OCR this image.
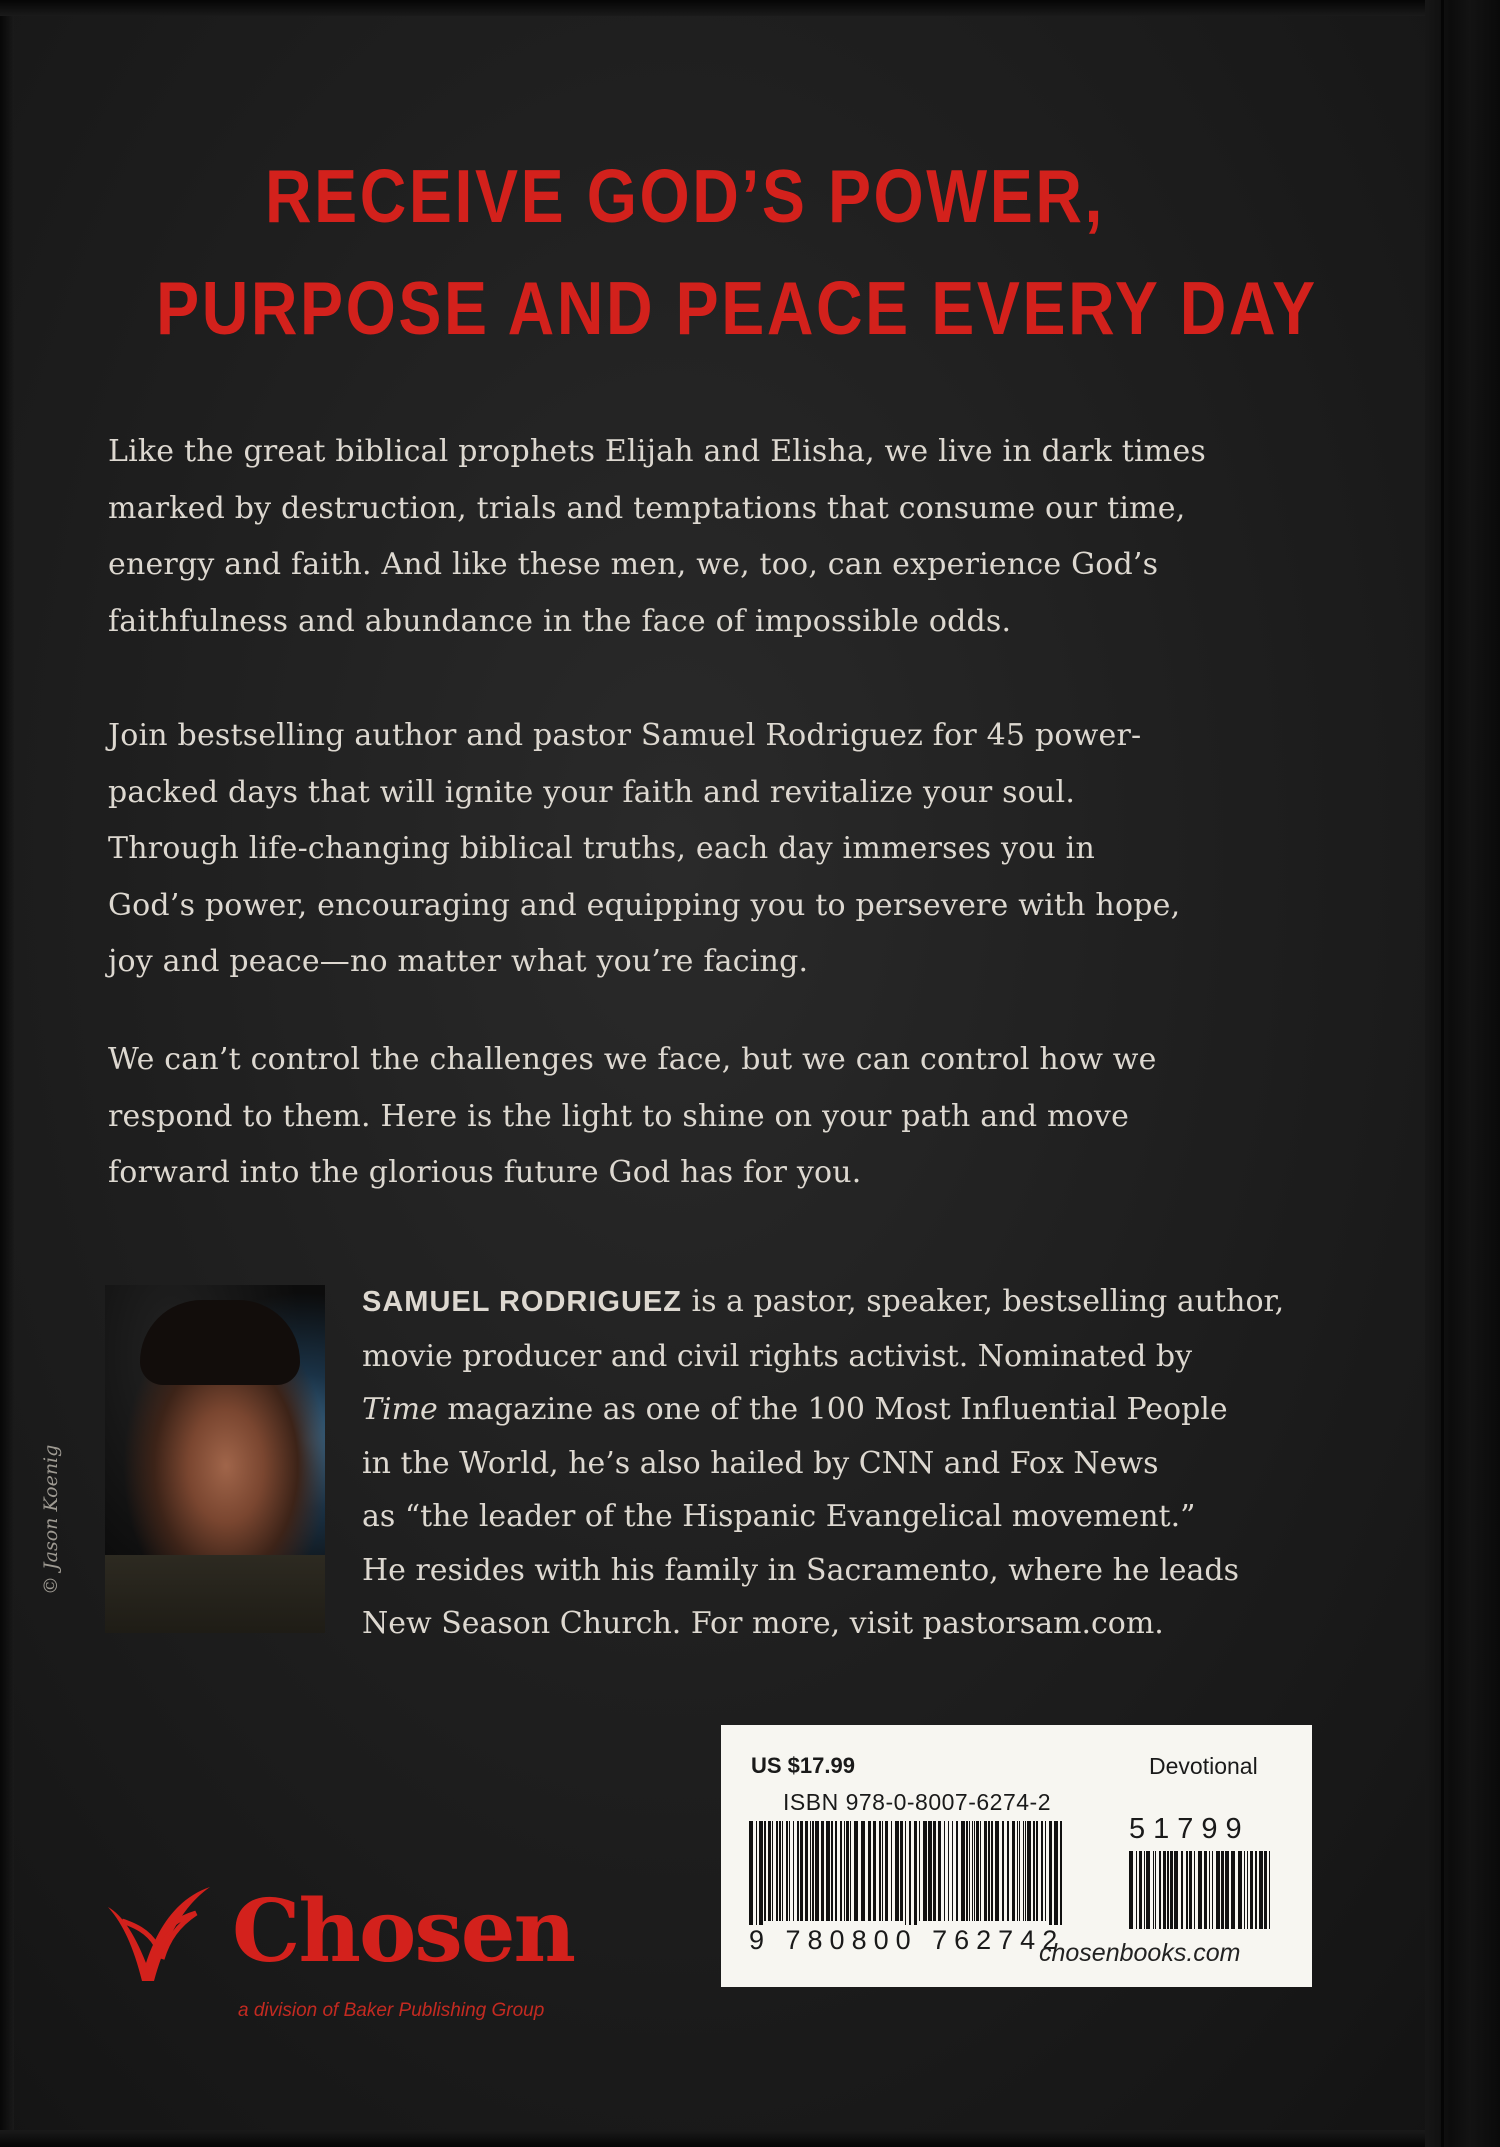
RECEIVE GOD’S POWER,
PURPOSE AND PEACE EVERY DAY
Like the great biblical prophets Elijah and Elisha, we live in dark times
marked by destruction, trials and temptations that consume our time,
energy and faith. And like these men, we, too, can experience God’s
faithfulness and abundance in the face of impossible odds.
Join bestselling author and pastor Samuel Rodriguez for 45 power-
packed days that will ignite your faith and revitalize your soul.
Through life-changing biblical truths, each day immerses you in
God’s power, encouraging and equipping you to persevere with hope,
joy and peace—no matter what you’re facing.
We can’t control the challenges we face, but we can control how we
respond to them. Here is the light to shine on your path and move
forward into the glorious future God has for you.
© Jason Koenig
SAMUEL RODRIGUEZ is a pastor, speaker, bestselling author,
movie producer and civil rights activist. Nominated by
Time magazine as one of the 100 Most Influential People
in the World, he’s also hailed by CNN and Fox News
as “the leader of the Hispanic Evangelical movement.”
He resides with his family in Sacramento, where he leads
New Season Church. For more, visit pastorsam.com.
US $17.99	Devotional
ISBN 978-0-8007-6274-2
51799
9 780800 762742
chosenbooks.com
Chosen
a division of Baker Publishing Group
